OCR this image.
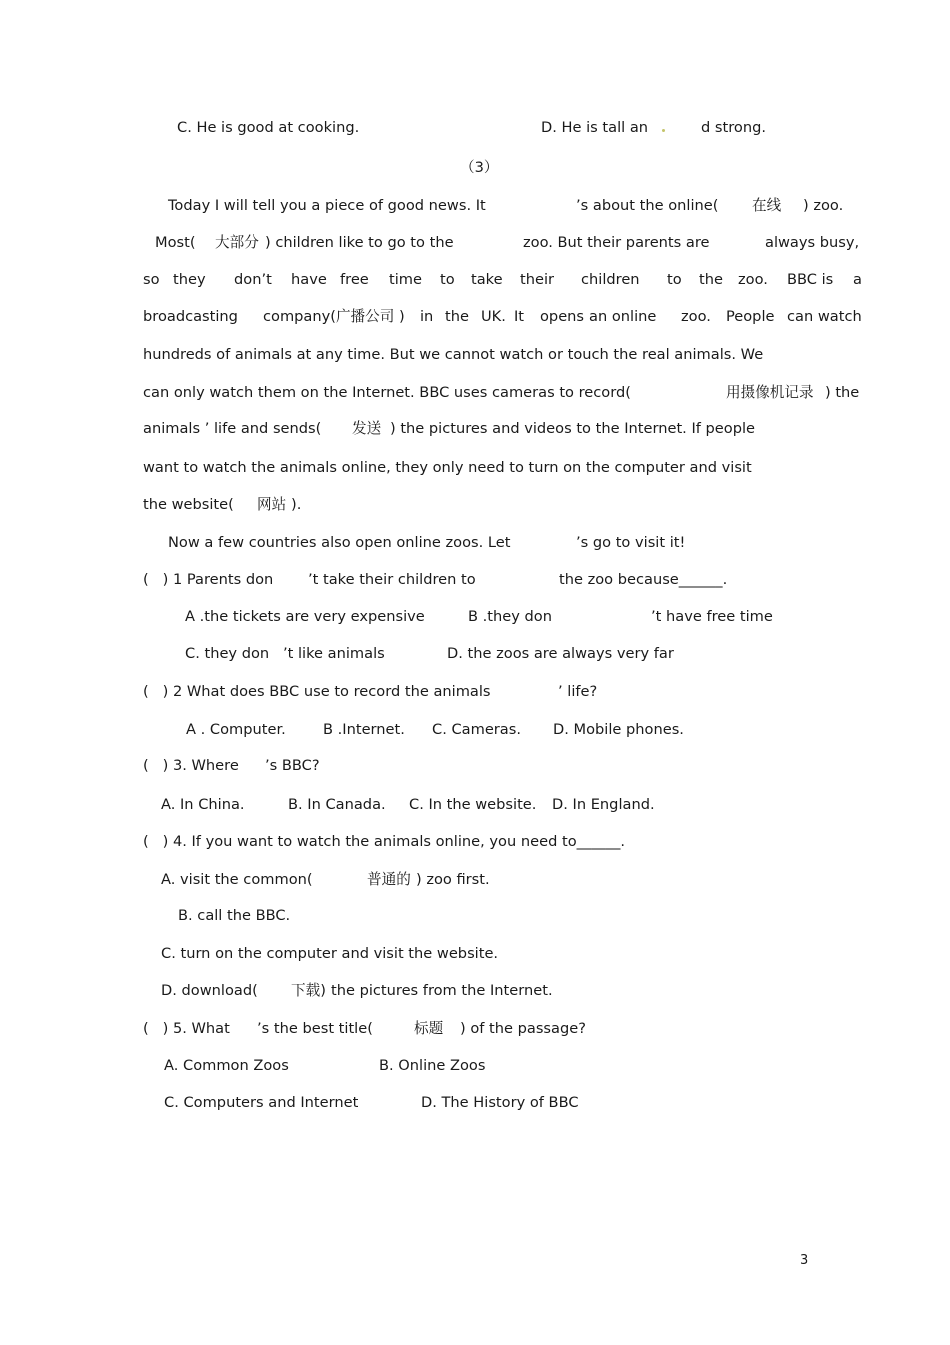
C. He is good at cooking.	D. He is tall an	d strong.
（3）
Today I will tell you a piece of good news. It	’s about the online( 在线 ) zoo.
Most( 大部分 ) children like to go to the	zoo. But their parents are	always busy,
so they don’t have free time to take their children to the zoo. BBC is a
broadcasting company(广播公司 ) in the UK. It opens an online zoo. People can watch
hundreds of animals at any time. But we cannot watch or touch the real animals. We
can only watch them on the Internet. BBC uses cameras to record(	用摄像机记录 ) the
animals ’ life and sends( 发送 ) the pictures and videos to the Internet. If people
want to watch the animals online, they only need to turn on the computer and visit
the website( 网站 ).
Now a few countries also open online zoos. Let	’s go to visit it!
(   ) 1 Parents don ’t take their children to	the zoo because______.
A .the tickets are very expensive	B .they don	’t have free time
C. they don ’t like animals	D. the zoos are always very far
(   ) 2 What does BBC use to record the animals	’ life?
A . Computer.	B .Internet. C. Cameras. D. Mobile phones.
(   ) 3. Where ’s BBC?
A. In China.	B. In Canada. C. In the website. D. In England.
(   ) 4. If you want to watch the animals online, you need to______.
A. visit the common(	普通的 ) zoo first.
B. call the BBC.
C. turn on the computer and visit the website.
D. download( 下载) the pictures from the Internet.
(   ) 5. What ’s the best title(	标题 ) of the passage?
A. Common Zoos	B. Online Zoos
C. Computers and Internet	D. The History of BBC
3
